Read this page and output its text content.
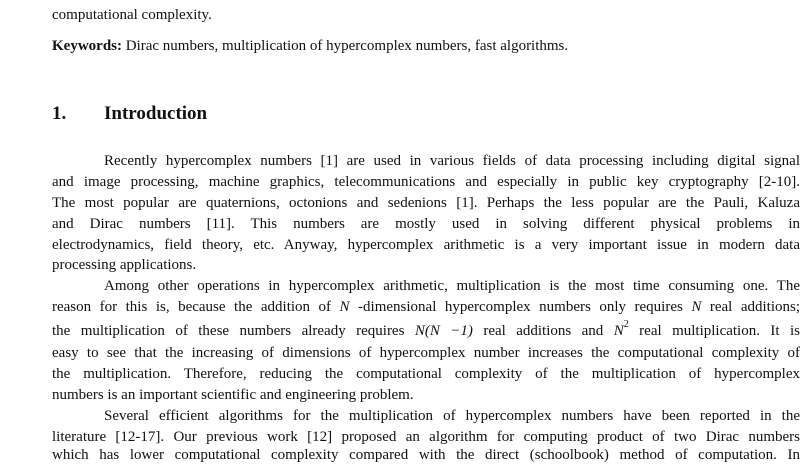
computational complexity.
Keywords: Dirac numbers, multiplication of hypercomplex numbers, fast algorithms.
1. Introduction
Recently hypercomplex numbers [1] are used in various fields of data processing including digital signal
and image processing, machine graphics, telecommunications and especially in public key cryptography [2-10].
The most popular are quaternions, octonions and sedenions [1]. Perhaps the less popular are the Pauli, Kaluza
and Dirac numbers [11]. This numbers are mostly used in solving different physical problems in
electrodynamics, field theory, etc. Anyway, hypercomplex arithmetic is a very important issue in modern data
processing applications.
Among other operations in hypercomplex arithmetic, multiplication is the most time consuming one. The
reason for this is, because the addition of N -dimensional hypercomplex numbers only requires N real additions;
the multiplication of these numbers already requires N(N −1) real additions and $N^2$ real multiplication. It is
easy to see that the increasing of dimensions of hypercomplex number increases the computational complexity of
the multiplication. Therefore, reducing the computational complexity of the multiplication of hypercomplex
numbers is an important scientific and engineering problem.
Several efficient algorithms for the multiplication of hypercomplex numbers have been reported in the
literature [12-17]. Our previous work [12] proposed an algorithm for computing product of two Dirac numbers
which has lower computational complexity compared with the direct (schoolbook) method of computation. In
